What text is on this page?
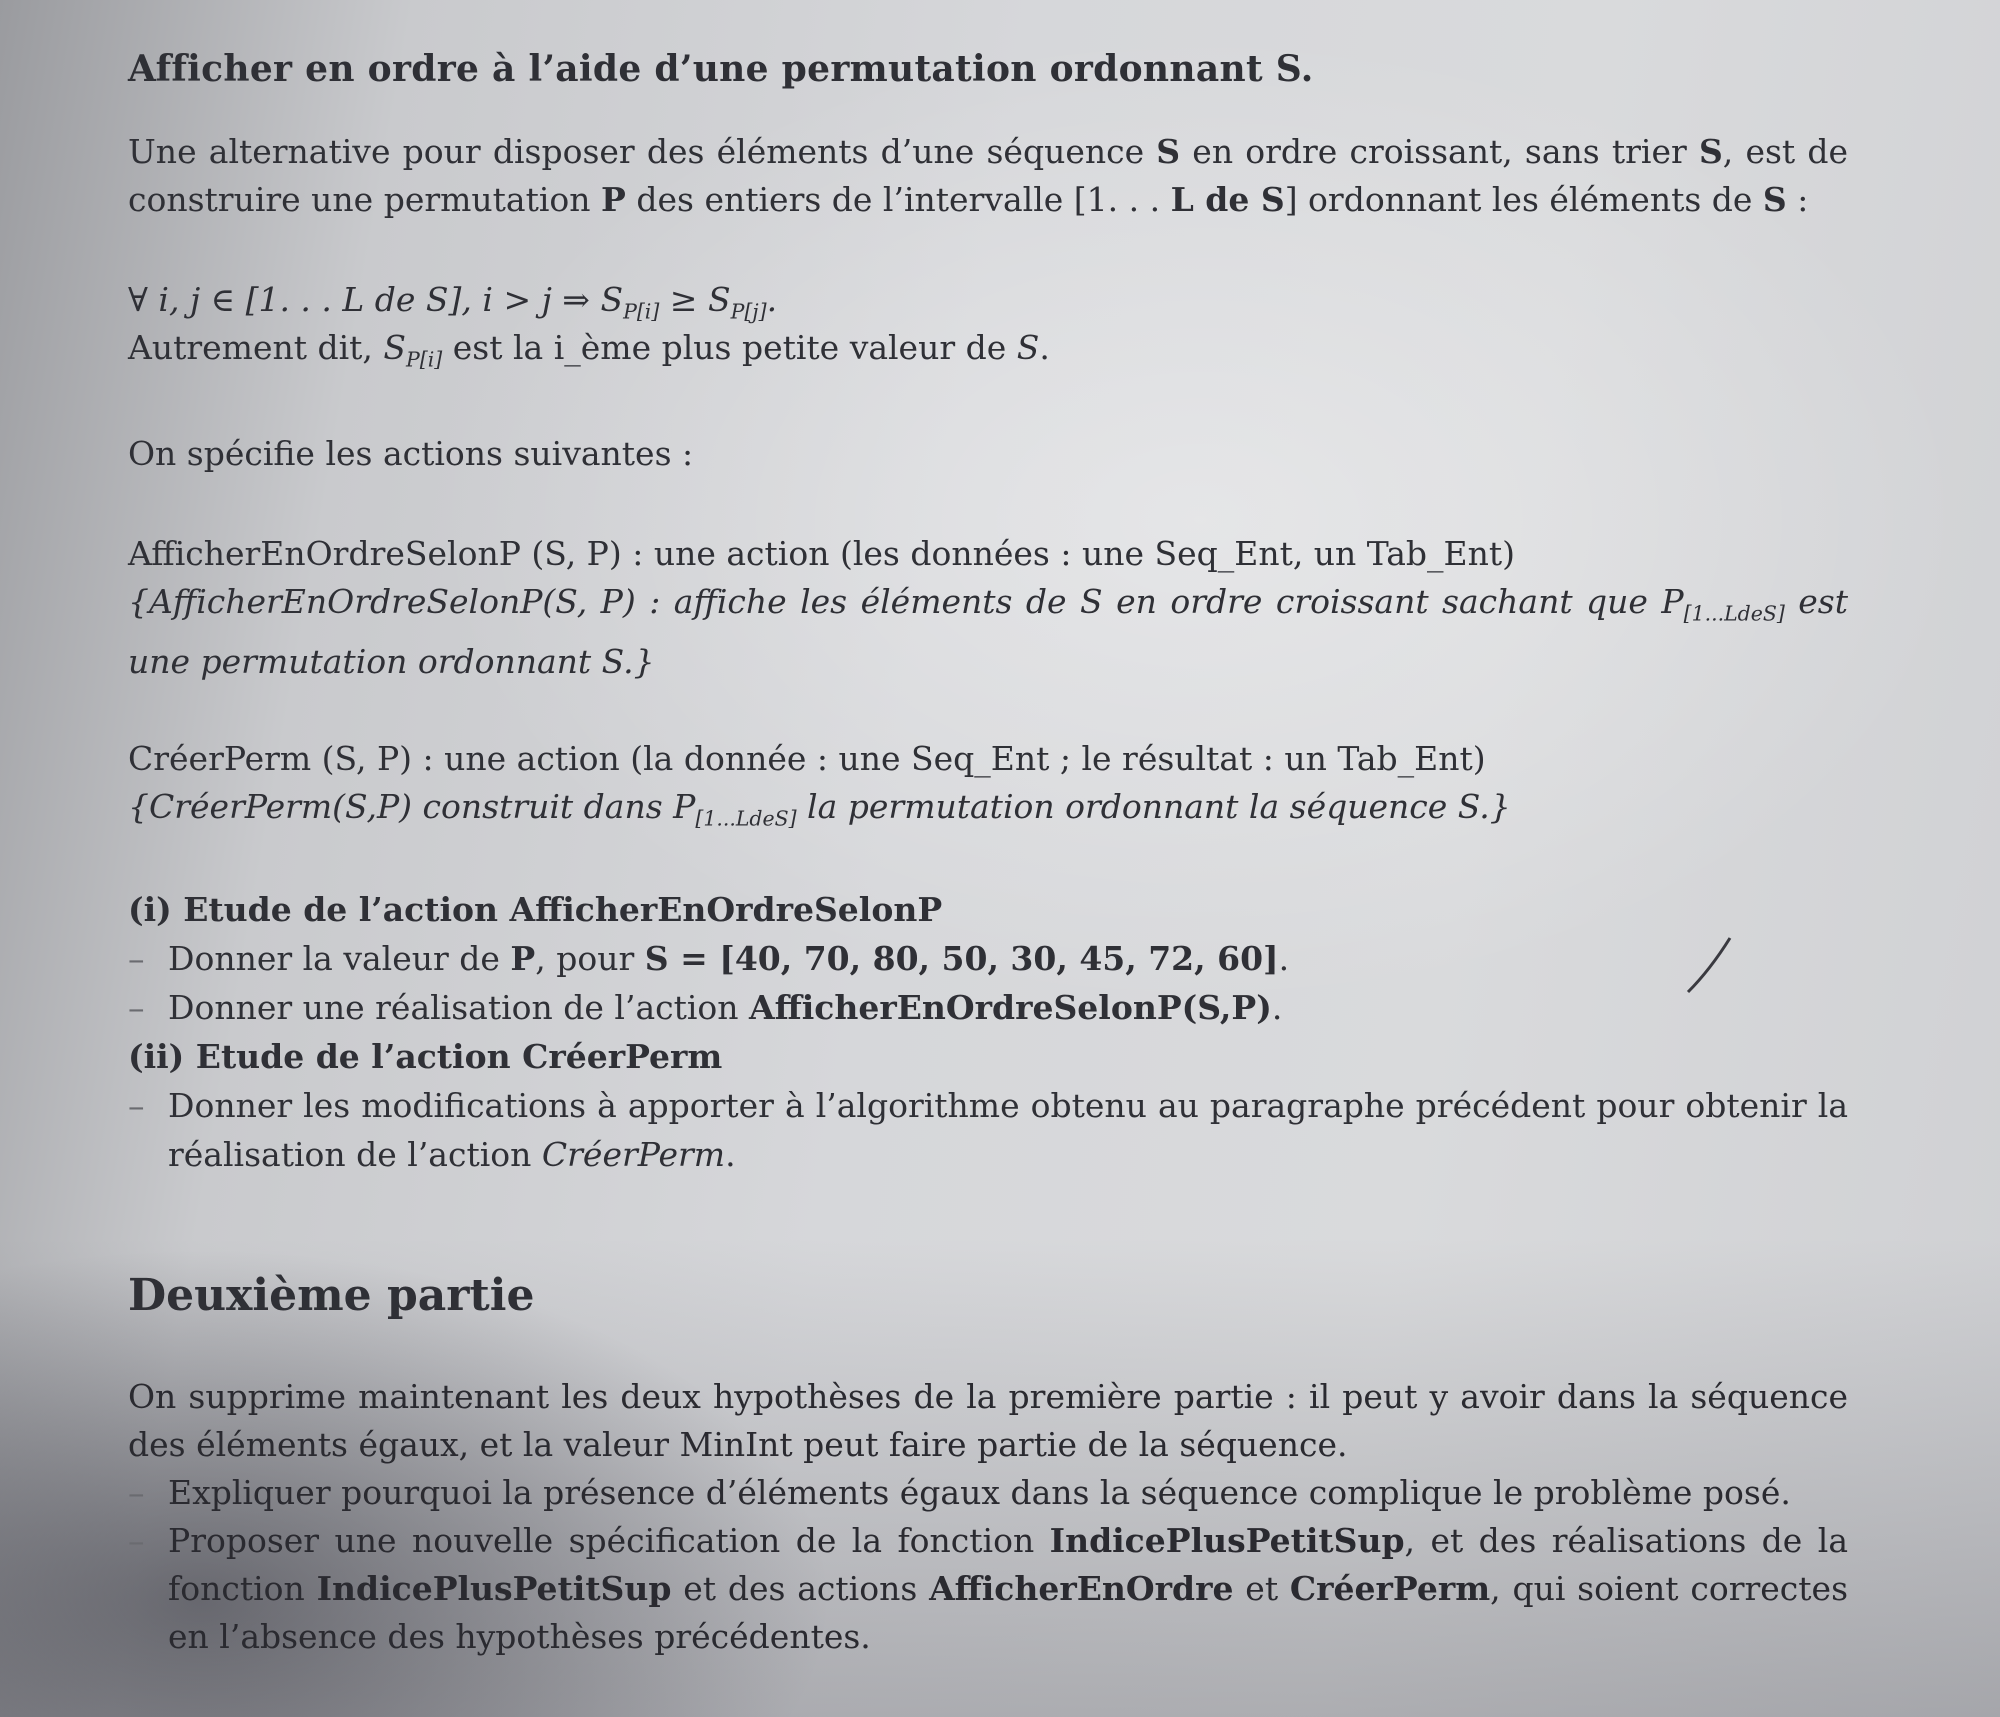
Afficher en ordre à l’aide d’une permutation ordonnant S.
Une alternative pour disposer des éléments d’une séquence S en ordre croissant, sans trier S, est de construire une permutation P des entiers de l’intervalle [1. . . L de S] ordonnant les éléments de S :
∀ i, j ∈ [1. . . L de S], i > j ⇒ $S_{P[i]} \ge S_{P[j]}$.
Autrement dit, $S_{P[i]}$ est la i_ème plus petite valeur de S.
On spécifie les actions suivantes :
AfficherEnOrdreSelonP (S, P) : une action (les données : une Seq_Ent, un Tab_Ent)
{AfficherEnOrdreSelonP(S, P) : affiche les éléments de S en ordre croissant sachant que $P_{[1...LdeS]}$ est une permutation ordonnant S.}
CréerPerm (S, P) : une action (la donnée : une Seq_Ent ; le résultat : un Tab_Ent)
{CréerPerm(S,P) construit dans $P_{[1...LdeS]}$ la permutation ordonnant la séquence S.}
(i) Etude de l’action AfficherEnOrdreSelonP
– Donner la valeur de P, pour S = [40, 70, 80, 50, 30, 45, 72, 60].
– Donner une réalisation de l’action AfficherEnOrdreSelonP(S,P).
(ii) Etude de l’action CréerPerm
– Donner les modifications à apporter à l’algorithme obtenu au paragraphe précédent pour obtenir la réalisation de l’action CréerPerm.
Deuxième partie
On supprime maintenant les deux hypothèses de la première partie : il peut y avoir dans la séquence des éléments égaux, et la valeur MinInt peut faire partie de la séquence.
– Expliquer pourquoi la présence d’éléments égaux dans la séquence complique le problème posé.
– Proposer une nouvelle spécification de la fonction IndicePlusPetitSup, et des réalisations de la fonction IndicePlusPetitSup et des actions AfficherEnOrdre et CréerPerm, qui soient correctes en l’absence des hypothèses précédentes.
